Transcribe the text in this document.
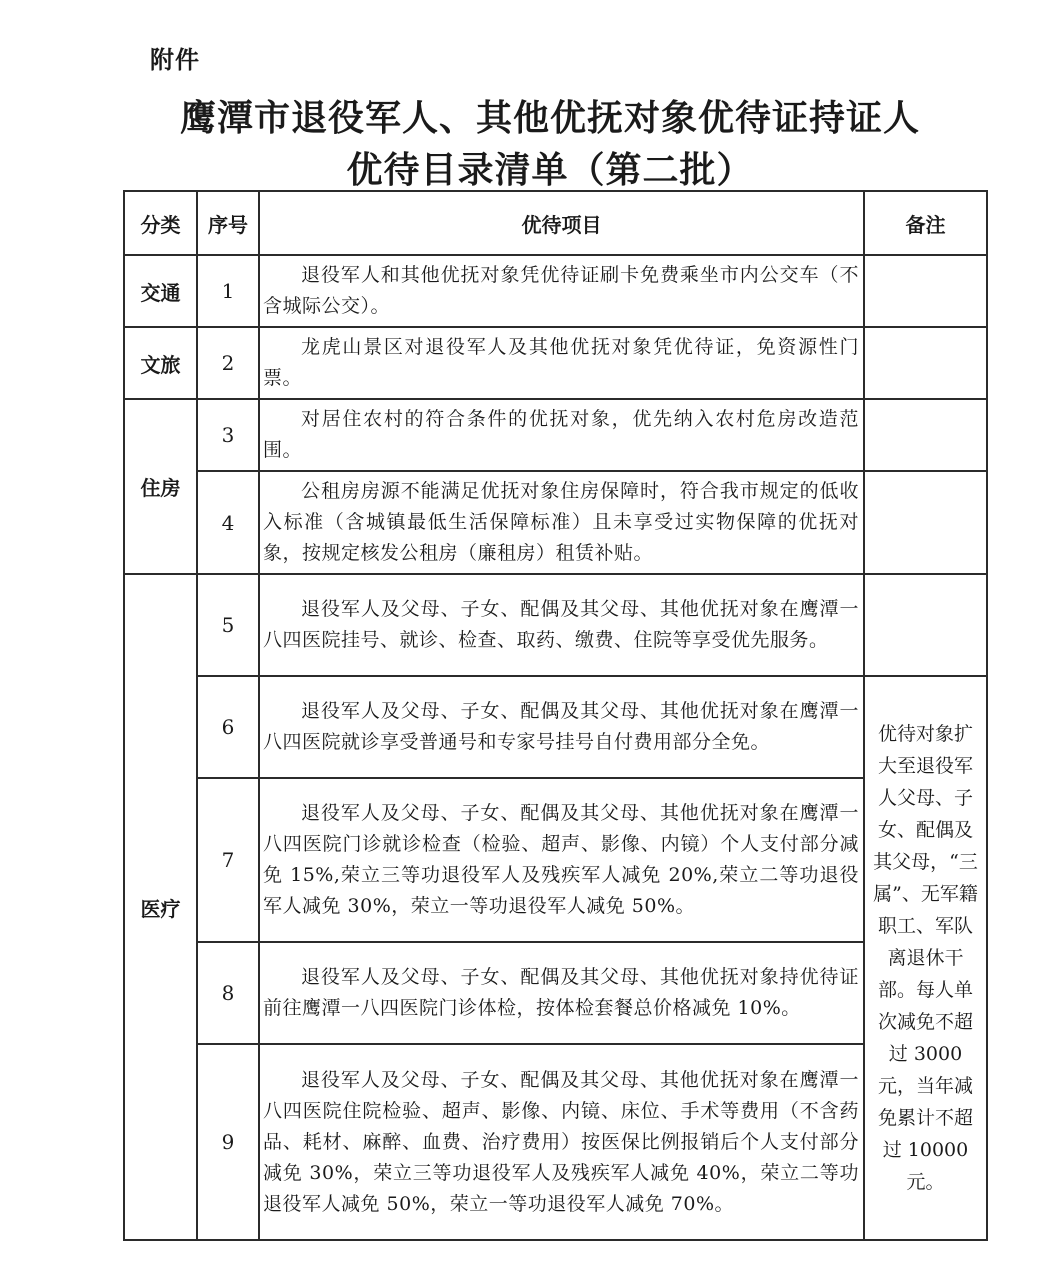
附件
鹰潭市退役军人、其他优抚对象优待证持证人
优待目录清单（第二批）
分类	序号	优待项目	备注
交通	1	退役军人和其他优抚对象凭优待证刷卡免费乘坐市内公交车（不含城际公交）。	
文旅	2	龙虎山景区对退役军人及其他优抚对象凭优待证，免资源性门票。	
住房	3	对居住农村的符合条件的优抚对象，优先纳入农村危房改造范围。	
	4	公租房房源不能满足优抚对象住房保障时，符合我市规定的低收入标准（含城镇最低生活保障标准）且未享受过实物保障的优抚对象，按规定核发公租房（廉租房）租赁补贴。	
医疗	5	退役军人及父母、子女、配偶及其父母、其他优抚对象在鹰潭一八四医院挂号、就诊、检查、取药、缴费、住院等享受优先服务。	
	6	退役军人及父母、子女、配偶及其父母、其他优抚对象在鹰潭一八四医院就诊享受普通号和专家号挂号自付费用部分全免。	优待对象扩大至退役军人父母、子女、配偶及其父母，“三属”、无军籍职工、军队离退休干部。每人单次减免不超过 3000 元，当年减免累计不超过 10000 元。
	7	退役军人及父母、子女、配偶及其父母、其他优抚对象在鹰潭一八四医院门诊就诊检查（检验、超声、影像、内镜）个人支付部分减免 15%,荣立三等功退役军人及残疾军人减免 20%,荣立二等功退役军人减免 30%，荣立一等功退役军人减免 50%。	
	8	退役军人及父母、子女、配偶及其父母、其他优抚对象持优待证前往鹰潭一八四医院门诊体检，按体检套餐总价格减免 10%。	
	9	退役军人及父母、子女、配偶及其父母、其他优抚对象在鹰潭一八四医院住院检验、超声、影像、内镜、床位、手术等费用（不含药品、耗材、麻醉、血费、治疗费用）按医保比例报销后个人支付部分减免 30%，荣立三等功退役军人及残疾军人减免 40%，荣立二等功退役军人减免 50%，荣立一等功退役军人减免 70%。	
